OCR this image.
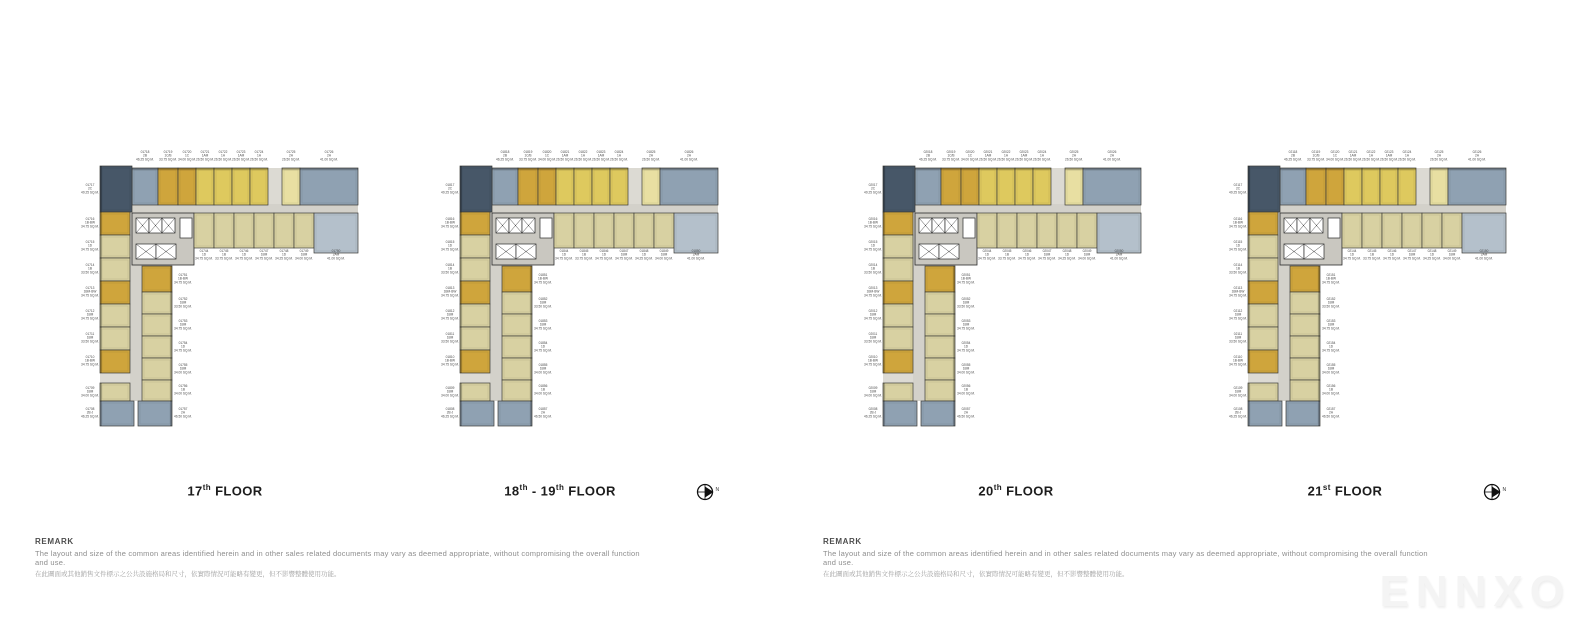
01718 2B 46.25 SQ.M.
01719 1C/B 33.75 SQ.M.
01720 1C 34.00 SQ.M.
01721 1AM 26.50 SQ.M.
01722 1A 26.50 SQ.M.
01723 1AM 26.50 SQ.M.
01724 1A 26.50 SQ.M.
01725 2A 26.50 SQ.M.
01726 2A 41.00 SQ.M.
01744 1D 34.75 SQ.M.
01745 1B 33.75 SQ.M.
01746 1D 34.75 SQ.M.
01747 1BM 34.75 SQ.M.
01748 1D 34.25 SQ.M.
01749 1BM 34.00 SQ.M.
01750 2AM 41.00 SQ.M.
01717 2C 49.25 SQ.M.
01716 1B·BW 34.75 SQ.M.
01715 1D 34.75 SQ.M.
01714 1B 33.50 SQ.M.
01713 1BM·BW 34.75 SQ.M.
01712 1BM 34.75 SQ.M.
01711 1BM 33.50 SQ.M.
01710 1B·BW 34.75 SQ.M.
01709 1BM 34.00 SQ.M.
01708 2B·J 46.25 SQ.M.
01751 1B·BW 34.75 SQ.M.
01752 1BM 33.50 SQ.M.
01753 1BM 34.75 SQ.M.
01754 1D 34.75 SQ.M.
01755 1BM 34.00 SQ.M.
01756 1B 34.00 SQ.M.
01757 2A 46.50 SQ.M.
01818 2B 46.25 SQ.M.
01819 1C/B 33.75 SQ.M.
01820 1C 34.00 SQ.M.
01821 1AM 26.50 SQ.M.
01822 1A 26.50 SQ.M.
01823 1AM 26.50 SQ.M.
01824 1A 26.50 SQ.M.
01825 2A 26.50 SQ.M.
01826 2A 41.00 SQ.M.
01844 1D 34.75 SQ.M.
01845 1B 33.75 SQ.M.
01846 1D 34.75 SQ.M.
01847 1BM 34.75 SQ.M.
01848 1D 34.25 SQ.M.
01849 1BM 34.00 SQ.M.
01850 2AM 41.00 SQ.M.
01817 2C 49.25 SQ.M.
01816 1B·BW 34.75 SQ.M.
01815 1D 34.75 SQ.M.
01814 1B 33.50 SQ.M.
01813 1BM·BW 34.75 SQ.M.
01812 1BM 34.75 SQ.M.
01811 1BM 33.50 SQ.M.
01810 1B·BW 34.75 SQ.M.
01809 1BM 34.00 SQ.M.
01808 2B·J 46.25 SQ.M.
01851 1B·BW 34.75 SQ.M.
01852 1BM 33.50 SQ.M.
01853 1BM 34.75 SQ.M.
01854 1D 34.75 SQ.M.
01855 1BM 34.00 SQ.M.
01856 1B 34.00 SQ.M.
01857 2A 46.50 SQ.M.
02018 2B 46.25 SQ.M.
02019 1C/B 33.75 SQ.M.
02020 1C 34.00 SQ.M.
02021 1AM 26.50 SQ.M.
02022 1A 26.50 SQ.M.
02023 1AM 26.50 SQ.M.
02024 1A 26.50 SQ.M.
02025 2A 26.50 SQ.M.
02026 2A 41.00 SQ.M.
02044 1D 34.75 SQ.M.
02045 1B 33.75 SQ.M.
02046 1D 34.75 SQ.M.
02047 1BM 34.75 SQ.M.
02048 1D 34.25 SQ.M.
02049 1BM 34.00 SQ.M.
02050 2AM 41.00 SQ.M.
02017 2C 49.25 SQ.M.
02016 1B·BW 34.75 SQ.M.
02015 1D 34.75 SQ.M.
02014 1B 33.50 SQ.M.
02013 1BM·BW 34.75 SQ.M.
02012 1BM 34.75 SQ.M.
02011 1BM 33.50 SQ.M.
02010 1B·BW 34.75 SQ.M.
02009 1BM 34.00 SQ.M.
02008 2B·J 46.25 SQ.M.
02051 1B·BW 34.75 SQ.M.
02052 1BM 33.50 SQ.M.
02053 1BM 34.75 SQ.M.
02054 1D 34.75 SQ.M.
02055 1BM 34.00 SQ.M.
02056 1B 34.00 SQ.M.
02057 2A 46.50 SQ.M.
02118 2B 46.25 SQ.M.
02119 1C/B 33.75 SQ.M.
02120 1C 34.00 SQ.M.
02121 1AM 26.50 SQ.M.
02122 1A 26.50 SQ.M.
02123 1AM 26.50 SQ.M.
02124 1A 26.50 SQ.M.
02125 2A 26.50 SQ.M.
02126 2A 41.00 SQ.M.
02144 1D 34.75 SQ.M.
02145 1B 33.75 SQ.M.
02146 1D 34.75 SQ.M.
02147 1BM 34.75 SQ.M.
02148 1D 34.25 SQ.M.
02149 1BM 34.00 SQ.M.
02150 2AM 41.00 SQ.M.
02117 2C 49.25 SQ.M.
02116 1B·BW 34.75 SQ.M.
02115 1D 34.75 SQ.M.
02114 1B 33.50 SQ.M.
02113 1BM·BW 34.75 SQ.M.
02112 1BM 34.75 SQ.M.
02111 1BM 33.50 SQ.M.
02110 1B·BW 34.75 SQ.M.
02109 1BM 34.00 SQ.M.
02108 2B·J 46.25 SQ.M.
02151 1B·BW 34.75 SQ.M.
02152 1BM 33.50 SQ.M.
02153 1BM 34.75 SQ.M.
02154 1D 34.75 SQ.M.
02155 1BM 34.00 SQ.M.
02156 1B 34.00 SQ.M.
02157 2A 46.50 SQ.M.
17th FLOOR	18th - 19th FLOOR	20th FLOOR	21st FLOOR
N	N
REMARK
The layout and size of the common areas identified herein and in other sales related documents may vary as deemed appropriate, without compromising the overall function and use.
在此圖面或其他銷售文件標示之公共設施格局和尺寸，依實際情況可能略有變更，但不影響整體使用功能。
REMARK
The layout and size of the common areas identified herein and in other sales related documents may vary as deemed appropriate, without compromising the overall function and use.
在此圖面或其他銷售文件標示之公共設施格局和尺寸，依實際情況可能略有變更，但不影響整體使用功能。	ENNXO
